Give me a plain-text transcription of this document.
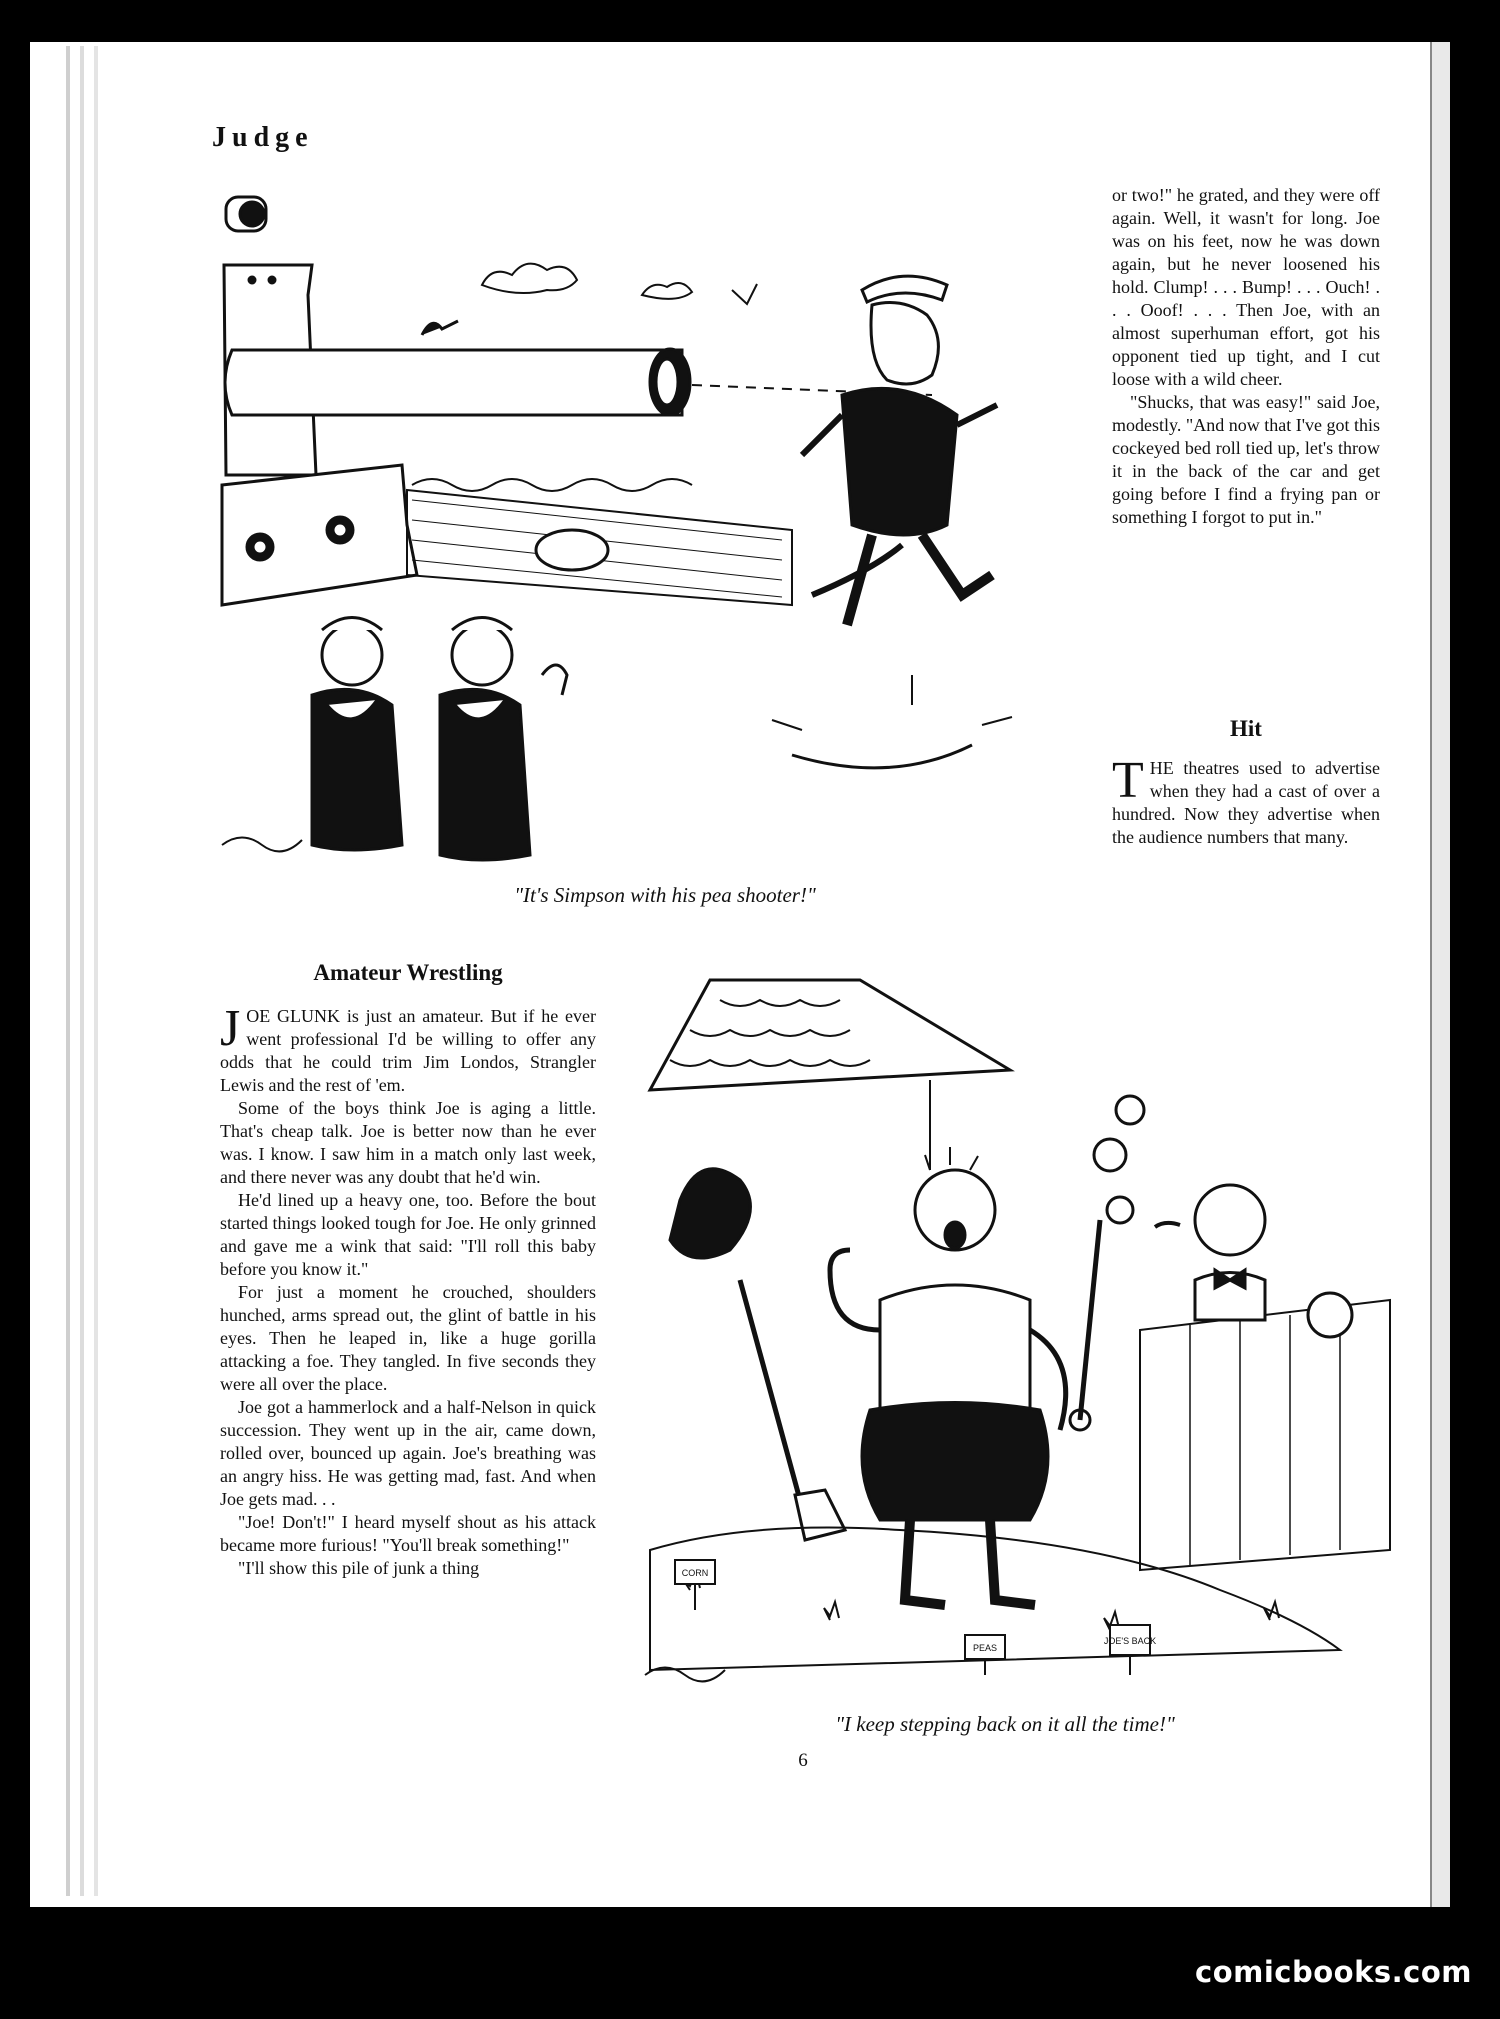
Judge
"It's Simpson with his pea shooter!"

or two!" he grated, and they were off again. Well, it wasn't for long. Joe was on his feet, now he was down again, but he never loosened his hold. Clump! . . . Bump! . . . Ouch! . . . Ooof! . . . Then Joe, with an almost superhuman effort, got his opponent tied up tight, and I cut loose with a wild cheer.

"Shucks, that was easy!" said Joe, modestly. "And now that I've got this cockeyed bed roll tied up, let's throw it in the back of the car and get going before I find a frying pan or something I forgot to put in."

Hit

THE theatres used to advertise when they had a cast of over a hundred. Now they advertise when the audience numbers that many.

Amateur Wrestling

JOE GLUNK is just an amateur. But if he ever went professional I'd be willing to offer any odds that he could trim Jim Londos, Strangler Lewis and the rest of 'em.

Some of the boys think Joe is aging a little. That's cheap talk. Joe is better now than he ever was. I know. I saw him in a match only last week, and there never was any doubt that he'd win.

He'd lined up a heavy one, too. Before the bout started things looked tough for Joe. He only grinned and gave me a wink that said: "I'll roll this baby before you know it."

For just a moment he crouched, shoulders hunched, arms spread out, the glint of battle in his eyes. Then he leaped in, like a huge gorilla attacking a foe. They tangled. In five seconds they were all over the place.

Joe got a hammerlock and a half-Nelson in quick succession. They went up in the air, came down, rolled over, bounced up again. Joe's breathing was an angry hiss. He was getting mad, fast. And when Joe gets mad. . .

"Joe! Don't!" I heard myself shout as his attack became more furious! "You'll break something!"

"I'll show this pile of junk a thing	CORN
PEAS
JOE'S BACK
"I keep stepping back on it all the time!"
6
comicbooks.com
